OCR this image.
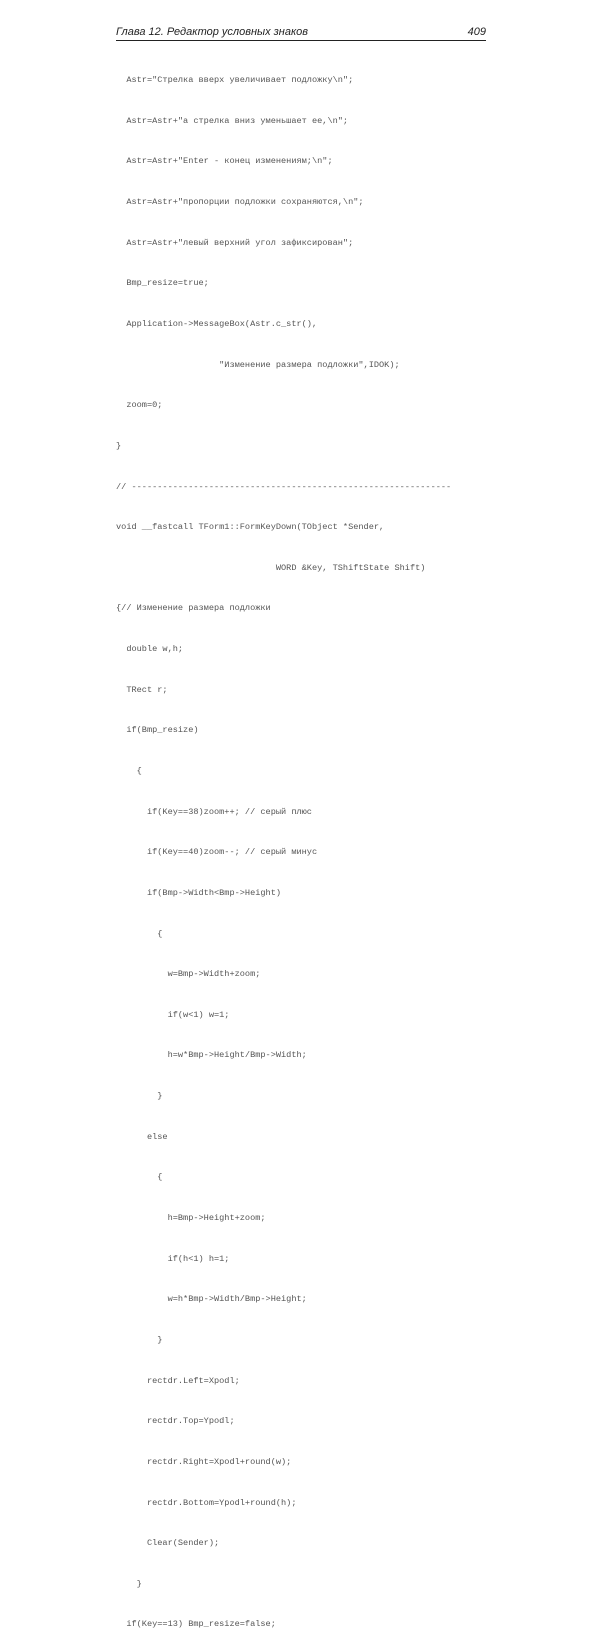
Глава 12. Редактор условных знаков	409

Astr="Стрелка вверх увеличивает подложку\n";

Astr=Astr+"а стрелка вниз уменьшает ее,\n";

Astr=Astr+"Enter - конец изменениям;\n";

Astr=Astr+"пропорции подложки сохраняются,\n";

Astr=Astr+"левый верхний угол зафиксирован";

Bmp_resize=true;

Application->MessageBox(Astr.c_str(),

"Изменение размера подложки",IDOK);

zoom=0;

}

// --------------------------------------------------------------

void __fastcall TForm1::FormKeyDown(TObject *Sender,

WORD &Key, TShiftState Shift)

{// Изменение размера подложки

double w,h;

TRect r;

if(Bmp_resize)

{

if(Key==38)zoom++; // серый плюс

if(Key==40)zoom--; // серый минус

if(Bmp->Width<Bmp->Height)

{

w=Bmp->Width+zoom;

if(w<1) w=1;

h=w*Bmp->Height/Bmp->Width;

}

else

{

h=Bmp->Height+zoom;

if(h<1) h=1;

w=h*Bmp->Width/Bmp->Height;

}

rectdr.Left=Xpodl;

rectdr.Top=Ypodl;

rectdr.Right=Xpodl+round(w);

rectdr.Bottom=Ypodl+round(h);

Clear(Sender);

}

if(Key==13) Bmp_resize=false;
